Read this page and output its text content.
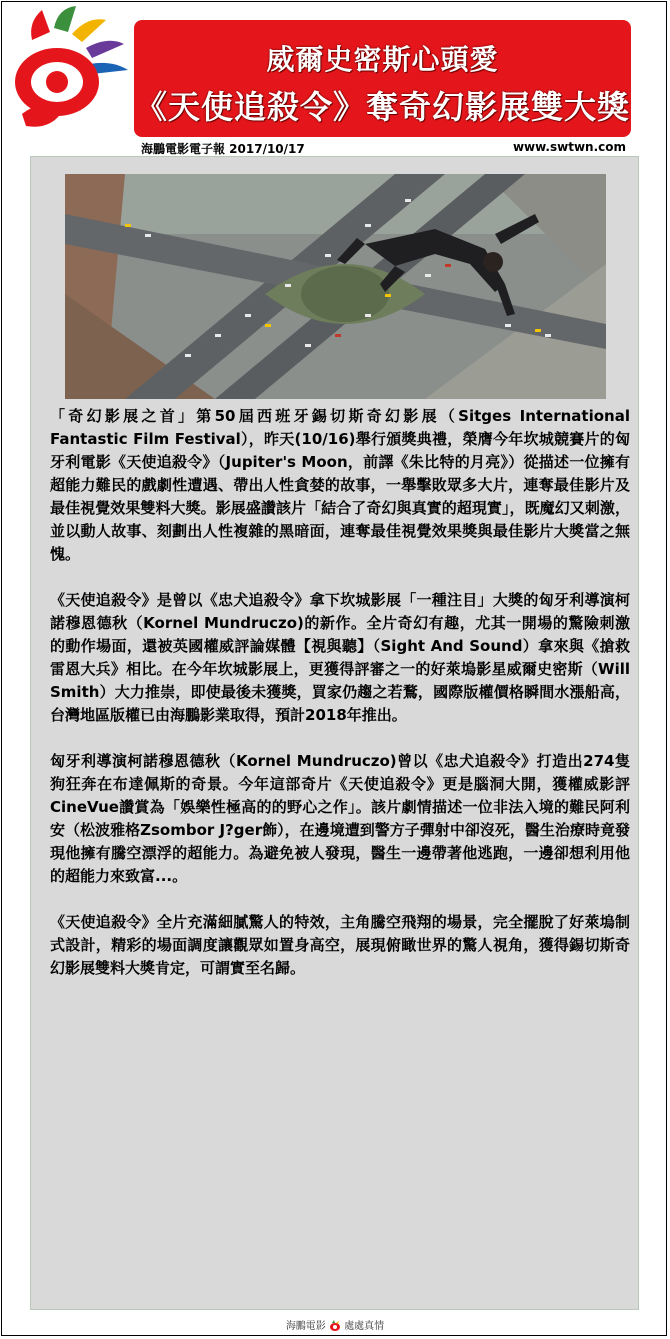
威爾史密斯心頭愛
《天使追殺令》奪奇幻影展雙大獎
海鵬電影電子報 2017/10/17	www.swtwn.com

「奇幻影展之首」第50屆西班牙錫切斯奇幻影展（Sitges International Fantastic Film Festival），昨天(10/16)舉行頒獎典禮，榮膺今年坎城競賽片的匈牙利電影《天使追殺令》（Jupiter's Moon，前譯《朱比特的月亮》）從描述一位擁有超能力難民的戲劇性遭遇、帶出人性貪婪的故事，一舉擊敗眾多大片，連奪最佳影片及最佳視覺效果雙料大獎。影展盛讚該片「結合了奇幻與真實的超現實」，既魔幻又刺激，並以動人故事、刻劃出人性複雜的黑暗面，連奪最佳視覺效果獎與最佳影片大獎當之無愧。

《天使追殺令》是曾以《忠犬追殺令》拿下坎城影展「一種注目」大獎的匈牙利導演柯諾穆恩德秋（Kornel Mundruczo)的新作。全片奇幻有趣，尤其一開場的驚險刺激的動作場面，還被英國權威評論媒體【視與聽】（Sight And Sound）拿來與《搶救雷恩大兵》相比。在今年坎城影展上，更獲得評審之一的好萊塢影星威爾史密斯（Will Smith）大力推崇，即使最後未獲獎，買家仍趨之若鶩，國際版權價格瞬間水漲船高，台灣地區版權已由海鵬影業取得，預計2018年推出。

匈牙利導演柯諾穆恩德秋（Kornel Mundruczo)曾以《忠犬追殺令》打造出274隻狗狂奔在布達佩斯的奇景。今年這部奇片《天使追殺令》更是腦洞大開，獲權威影評CineVue讚賞為「娛樂性極高的的野心之作」。該片劇情描述一位非法入境的難民阿利安（松波雅格Zsombor J?ger飾），在邊境遭到警方子彈射中卻沒死，醫生治療時竟發現他擁有騰空漂浮的超能力。為避免被人發現，醫生一邊帶著他逃跑，一邊卻想利用他的超能力來致富...。

《天使追殺令》全片充滿細膩驚人的特效，主角騰空飛翔的場景，完全擺脫了好萊塢制式設計，精彩的場面調度讓觀眾如置身高空，展現俯瞰世界的驚人視角，獲得錫切斯奇幻影展雙料大獎肯定，可謂實至名歸。

海鵬電影 處處真情
